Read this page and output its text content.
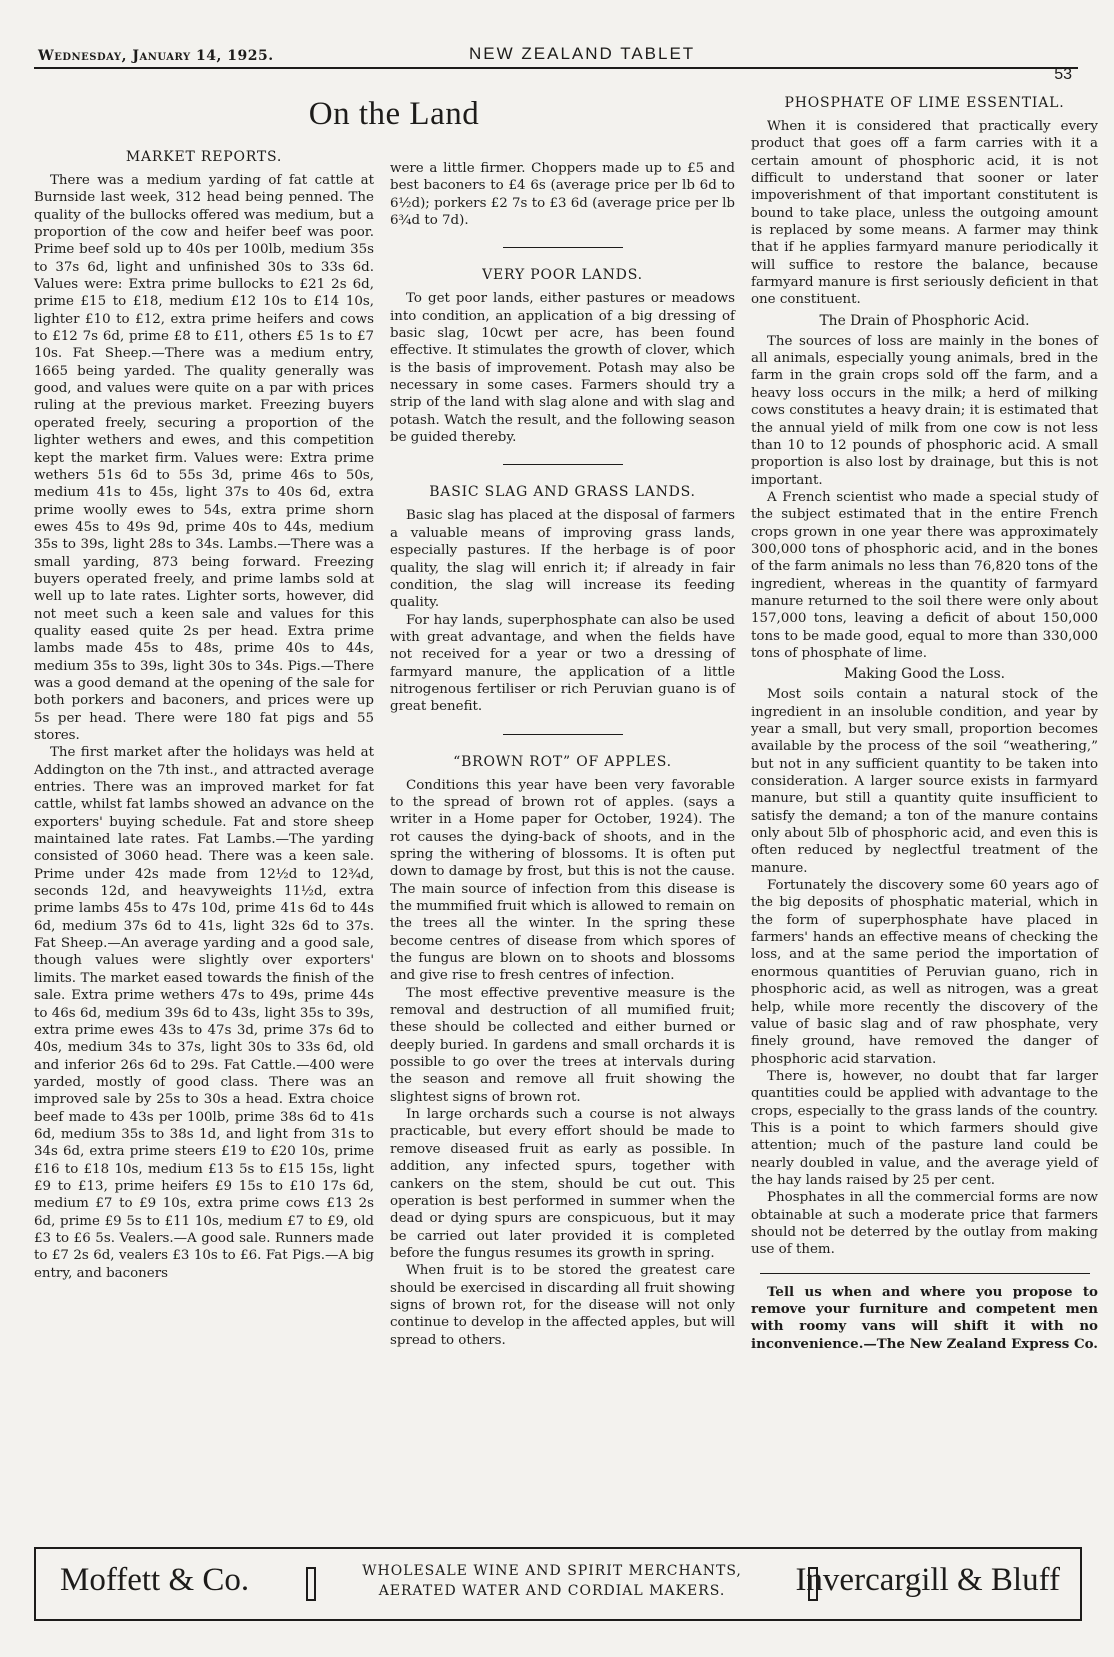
Wednesday, January 14, 1925.	NEW ZEALAND TABLET
53
On the Land
MARKET REPORTS.

There was a medium yarding of fat cattle at Burnside last week, 312 head being penned. The quality of the bullocks offered was medium, but a proportion of the cow and heifer beef was poor. Prime beef sold up to 40s per 100lb, medium 35s to 37s 6d, light and unfinished 30s to 33s 6d. Values were: Extra prime bullocks to £21 2s 6d, prime £15 to £18, medium £12 10s to £14 10s, lighter £10 to £12, extra prime heifers and cows to £12 7s 6d, prime £8 to £11, others £5 1s to £7 10s. Fat Sheep.—There was a medium entry, 1665 being yarded. The quality generally was good, and values were quite on a par with prices ruling at the previous market. Freezing buyers operated freely, securing a proportion of the lighter wethers and ewes, and this competition kept the market firm. Values were: Extra prime wethers 51s 6d to 55s 3d, prime 46s to 50s, medium 41s to 45s, light 37s to 40s 6d, extra prime woolly ewes to 54s, extra prime shorn ewes 45s to 49s 9d, prime 40s to 44s, medium 35s to 39s, light 28s to 34s. Lambs.—There was a small yarding, 873 being forward. Freezing buyers operated freely, and prime lambs sold at well up to late rates. Lighter sorts, however, did not meet such a keen sale and values for this quality eased quite 2s per head. Extra prime lambs made 45s to 48s, prime 40s to 44s, medium 35s to 39s, light 30s to 34s. Pigs.—There was a good demand at the opening of the sale for both porkers and baconers, and prices were up 5s per head. There were 180 fat pigs and 55 stores.

The first market after the holidays was held at Addington on the 7th inst., and attracted average entries. There was an improved market for fat cattle, whilst fat lambs showed an advance on the exporters' buying schedule. Fat and store sheep maintained late rates. Fat Lambs.—The yarding consisted of 3060 head. There was a keen sale. Prime under 42s made from 12½d to 12¾d, seconds 12d, and heavyweights 11½d, extra prime lambs 45s to 47s 10d, prime 41s 6d to 44s 6d, medium 37s 6d to 41s, light 32s 6d to 37s. Fat Sheep.—An average yarding and a good sale, though values were slightly over exporters' limits. The market eased towards the finish of the sale. Extra prime wethers 47s to 49s, prime 44s to 46s 6d, medium 39s 6d to 43s, light 35s to 39s, extra prime ewes 43s to 47s 3d, prime 37s 6d to 40s, medium 34s to 37s, light 30s to 33s 6d, old and inferior 26s 6d to 29s. Fat Cattle.—400 were yarded, mostly of good class. There was an improved sale by 25s to 30s a head. Extra choice beef made to 43s per 100lb, prime 38s 6d to 41s 6d, medium 35s to 38s 1d, and light from 31s to 34s 6d, extra prime steers £19 to £20 10s, prime £16 to £18 10s, medium £13 5s to £15 15s, light £9 to £13, prime heifers £9 15s to £10 17s 6d, medium £7 to £9 10s, extra prime cows £13 2s 6d, prime £9 5s to £11 10s, medium £7 to £9, old £3 to £6 5s. Vealers.—A good sale. Runners made to £7 2s 6d, vealers £3 10s to £6. Fat Pigs.—A big entry, and baconers

were a little firmer. Choppers made up to £5 and best baconers to £4 6s (average price per lb 6d to 6½d); porkers £2 7s to £3 6d (average price per lb 6¾d to 7d).

VERY POOR LANDS.

To get poor lands, either pastures or meadows into condition, an application of a big dressing of basic slag, 10cwt per acre, has been found effective. It stimulates the growth of clover, which is the basis of improvement. Potash may also be necessary in some cases. Farmers should try a strip of the land with slag alone and with slag and potash. Watch the result, and the following season be guided thereby.

BASIC SLAG AND GRASS LANDS.

Basic slag has placed at the disposal of farmers a valuable means of improving grass lands, especially pastures. If the herbage is of poor quality, the slag will enrich it; if already in fair condition, the slag will increase its feeding quality.

For hay lands, superphosphate can also be used with great advantage, and when the fields have not received for a year or two a dressing of farmyard manure, the application of a little nitrogenous fertiliser or rich Peruvian guano is of great benefit.

“BROWN ROT” OF APPLES.

Conditions this year have been very favorable to the spread of brown rot of apples. (says a writer in a Home paper for October, 1924). The rot causes the dying-back of shoots, and in the spring the withering of blossoms. It is often put down to damage by frost, but this is not the cause. The main source of infection from this disease is the mummified fruit which is allowed to remain on the trees all the winter. In the spring these become centres of disease from which spores of the fungus are blown on to shoots and blossoms and give rise to fresh centres of infection.

The most effective preventive measure is the removal and destruction of all mumified fruit; these should be collected and either burned or deeply buried. In gardens and small orchards it is possible to go over the trees at intervals during the season and remove all fruit showing the slightest signs of brown rot.

In large orchards such a course is not always practicable, but every effort should be made to remove diseased fruit as early as possible. In addition, any infected spurs, together with cankers on the stem, should be cut out. This operation is best performed in summer when the dead or dying spurs are conspicuous, but it may be carried out later provided it is completed before the fungus resumes its growth in spring.

When fruit is to be stored the greatest care should be exercised in discarding all fruit showing signs of brown rot, for the disease will not only continue to develop in the affected apples, but will spread to others.

PHOSPHATE OF LIME ESSENTIAL.

When it is considered that practically every product that goes off a farm carries with it a certain amount of phosphoric acid, it is not difficult to understand that sooner or later impoverishment of that important constitutent is bound to take place, unless the outgoing amount is replaced by some means. A farmer may think that if he applies farmyard manure periodically it will suffice to restore the balance, because farmyard manure is first seriously deficient in that one constituent.

The Drain of Phosphoric Acid.

The sources of loss are mainly in the bones of all animals, especially young animals, bred in the farm in the grain crops sold off the farm, and a heavy loss occurs in the milk; a herd of milking cows constitutes a heavy drain; it is estimated that the annual yield of milk from one cow is not less than 10 to 12 pounds of phosphoric acid. A small proportion is also lost by drainage, but this is not important.

A French scientist who made a special study of the subject estimated that in the entire French crops grown in one year there was approximately 300,000 tons of phosphoric acid, and in the bones of the farm animals no less than 76,820 tons of the ingredient, whereas in the quantity of farmyard manure returned to the soil there were only about 157,000 tons, leaving a deficit of about 150,000 tons to be made good, equal to more than 330,000 tons of phosphate of lime.

Making Good the Loss.

Most soils contain a natural stock of the ingredient in an insoluble condition, and year by year a small, but very small, proportion becomes available by the process of the soil “weathering,” but not in any sufficient quantity to be taken into consideration. A larger source exists in farmyard manure, but still a quantity quite insufficient to satisfy the demand; a ton of the manure contains only about 5lb of phosphoric acid, and even this is often reduced by neglectful treatment of the manure.

Fortunately the discovery some 60 years ago of the big deposits of phosphatic material, which in the form of superphosphate have placed in farmers' hands an effective means of checking the loss, and at the same period the importation of enormous quantities of Peruvian guano, rich in phosphoric acid, as well as nitrogen, was a great help, while more recently the discovery of the value of basic slag and of raw phosphate, very finely ground, have removed the danger of phosphoric acid starvation.

There is, however, no doubt that far larger quantities could be applied with advantage to the crops, especially to the grass lands of the country. This is a point to which farmers should give attention; much of the pasture land could be nearly doubled in value, and the average yield of the hay lands raised by 25 per cent.

Phosphates in all the commercial forms are now obtainable at such a moderate price that farmers should not be deterred by the outlay from making use of them.

Tell us when and where you propose to remove your furniture and competent men with roomy vans will shift it with no inconvenience.—The New Zealand Express Co.

Moffett & Co.	WHOLESALE WINE AND SPIRIT MERCHANTS,
AERATED WATER AND CORDIAL MAKERS.	Invercargill & Bluff
